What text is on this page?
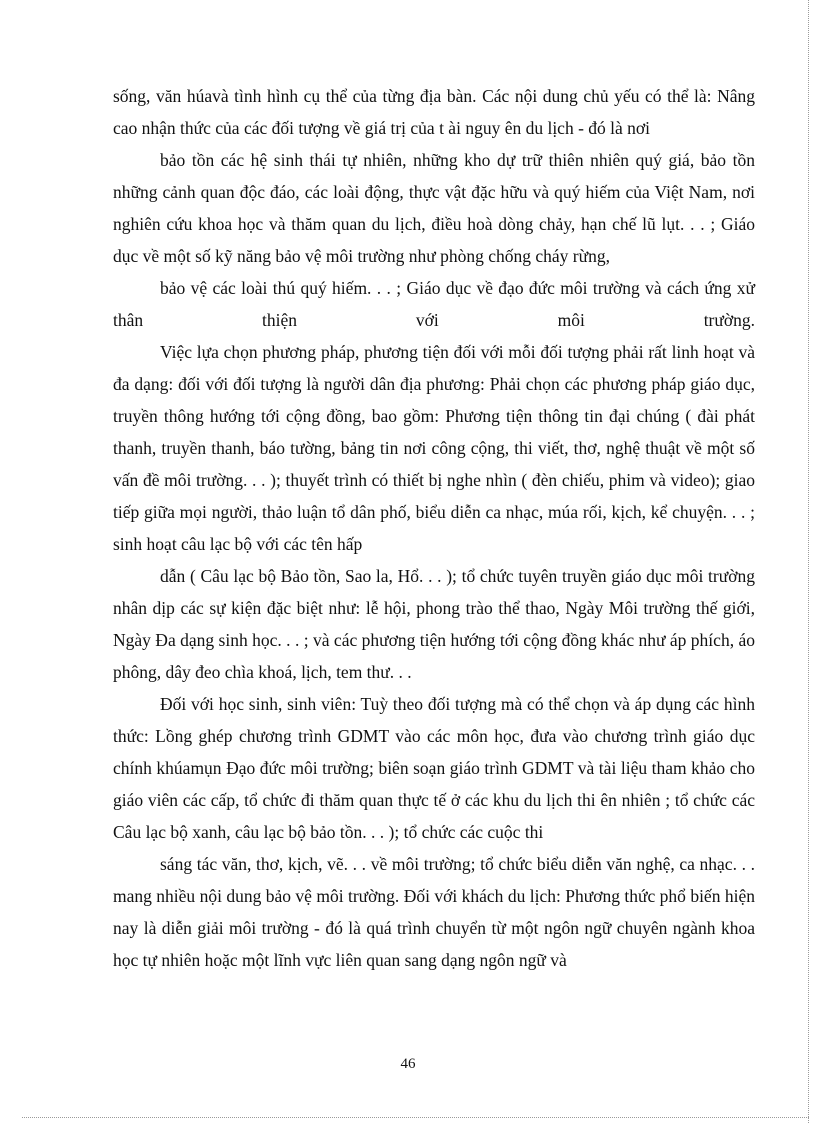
sống, văn húavà tình hình cụ thể của từng địa bàn. Các nội dung chủ yếu có thể là: Nâng cao nhận thức của các đối tượng về giá trị của t ài nguy ên du lịch - đó là nơi

bảo tồn các hệ sinh thái tự nhiên, những kho dự trữ thiên nhiên quý giá, bảo tồn những cảnh quan độc đáo, các loài động, thực vật đặc hữu và quý hiếm của Việt Nam, nơi nghiên cứu khoa học và thăm quan du lịch, điều hoà dòng chảy, hạn chế lũ lụt. . . ; Giáo dục về một số kỹ năng bảo vệ môi trường như phòng chống cháy rừng,

bảo vệ các loài thú quý hiếm. . . ; Giáo dục về đạo đức môi trường và cách ứng xử thân thiện với môi trường.

Việc lựa chọn phương pháp, phương tiện đối với mỗi đối tượng phải rất linh hoạt và đa dạng: đối với đối tượng là người dân địa phương: Phải chọn các phương pháp giáo dục, truyền thông hướng tới cộng đồng, bao gồm: Phương tiện thông tin đại chúng ( đài phát thanh, truyền thanh, báo tường, bảng tin nơi công cộng, thi viết, thơ, nghệ thuật về một số vấn đề môi trường. . . ); thuyết trình có thiết bị nghe nhìn ( đèn chiếu, phim và video); giao tiếp giữa mọi người, thảo luận tổ dân phố, biểu diễn ca nhạc, múa rối, kịch, kể chuyện. . . ; sinh hoạt câu lạc bộ với các tên hấp

dẫn ( Câu lạc bộ Bảo tồn, Sao la, Hổ. . . ); tổ chức tuyên truyền giáo dục môi trường nhân dịp các sự kiện đặc biệt như: lễ hội, phong trào thể thao, Ngày Môi trường thế giới, Ngày Đa dạng sinh học. . . ; và các phương tiện hướng tới cộng đồng khác như áp phích, áo phông, dây đeo chìa khoá, lịch, tem thư. . .

Đối với học sinh, sinh viên: Tuỳ theo đối tượng mà có thể chọn và áp dụng các hình thức: Lồng ghép chương trình GDMT vào các môn học, đưa vào chương trình giáo dục chính khúamụn Đạo đức môi trường; biên soạn giáo trình GDMT và tài liệu tham khảo cho giáo viên các cấp, tổ chức đi thăm quan thực tế ở các khu du lịch thi ên nhiên ; tổ chức các Câu lạc bộ xanh, câu lạc bộ bảo tồn. . . ); tổ chức các cuộc thi

sáng tác văn, thơ, kịch, vẽ. . . về môi trường; tổ chức biểu diễn văn nghệ, ca nhạc. . . mang nhiều nội dung bảo vệ môi trường. Đối với khách du lịch: Phương thức phổ biến hiện nay là diễn giải môi trường - đó là quá trình chuyển từ một ngôn ngữ chuyên ngành khoa học tự nhiên hoặc một lĩnh vực liên quan sang dạng ngôn ngữ và

46
